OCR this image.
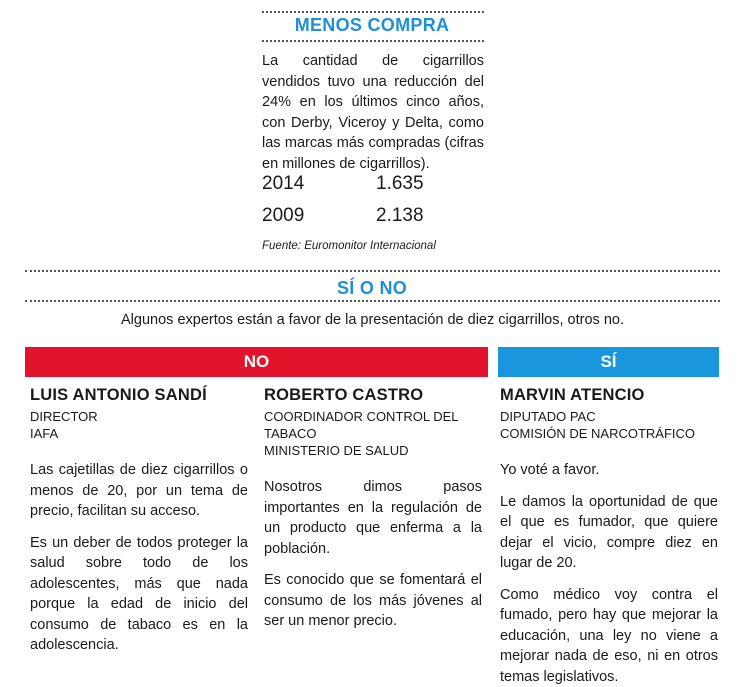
MENOS COMPRA
La cantidad de cigarrillos vendidos tuvo una reducción del 24% en los últimos cinco años, con Derby, Viceroy y Delta, como las marcas más compradas (cifras en millones de cigarrillos).
2014	1.635
2009	2.138
Fuente: Euromonitor Internacional
SÍ O NO
Algunos expertos están a favor de la presentación de diez cigarrillos, otros no.
NO	SÍ
LUIS ANTONIO SANDÍ
DIRECTOR
IAFA

Las cajetillas de diez cigarrillos o menos de 20, por un tema de precio, facilitan su acceso.

Es un deber de todos proteger la salud sobre todo de los adolescentes, más que nada porque la edad de inicio del consumo de tabaco es en la adolescencia.

ROBERTO CASTRO
COORDINADOR CONTROL DEL TABACO
MINISTERIO DE SALUD

Nosotros dimos pasos importantes en la regulación de un producto que enferma a la población.

Es conocido que se fomentará el consumo de los más jóvenes al ser un menor precio.

MARVIN ATENCIO
DIPUTADO PAC
COMISIÓN DE NARCOTRÁFICO

Yo voté a favor.

Le damos la oportunidad de que el que es fumador, que quiere dejar el vicio, compre diez en lugar de 20.

Como médico voy contra el fumado, pero hay que mejorar la educación, una ley no viene a mejorar nada de eso, ni en otros temas legislativos.
